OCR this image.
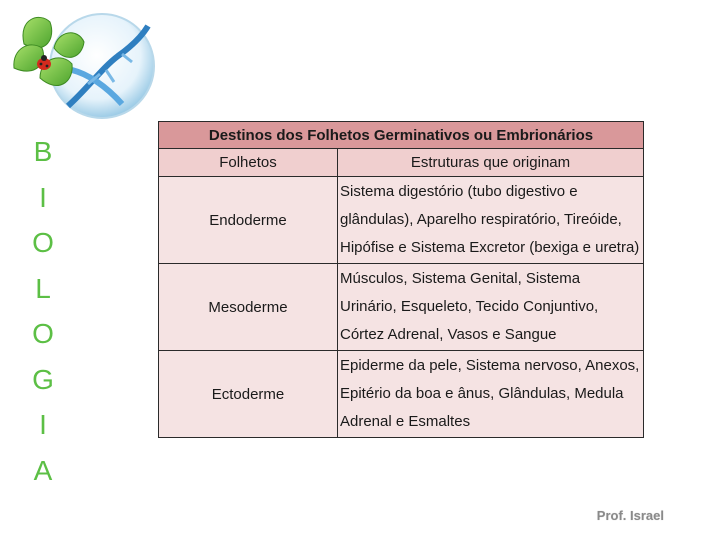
B
I
O
L
O
G
I
A
Destinos dos Folhetos Germinativos ou Embrionários	
Folhetos	Estruturas que originam
Endoderme	Sistema digestório (tubo digestivo e glândulas), Aparelho respiratório, Tireóide, Hipófise e Sistema Excretor (bexiga e uretra)
Mesoderme	Músculos, Sistema Genital, Sistema Urinário, Esqueleto, Tecido Conjuntivo, Córtez Adrenal, Vasos e Sangue
Ectoderme	Epiderme da pele, Sistema nervoso, Anexos, Epitério da boa e ânus, Glândulas, Medula Adrenal e Esmaltes
Prof. Israel
